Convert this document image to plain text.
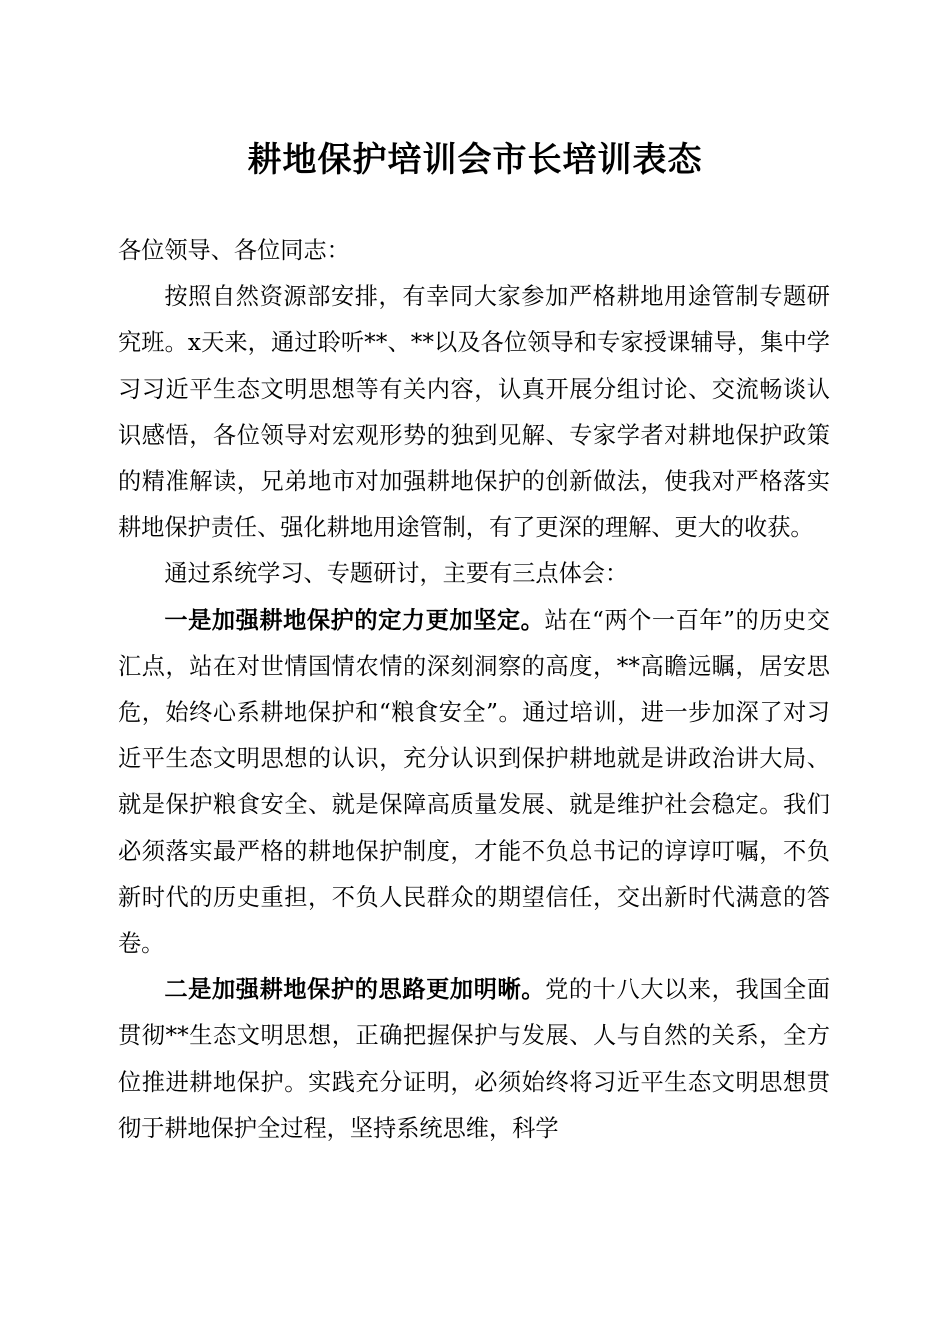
耕地保护培训会市长培训表态

各位领导、各位同志：

按照自然资源部安排，有幸同大家参加严格耕地用途管制专题研究班。x天来，通过聆听**、**以及各位领导和专家授课辅导，集中学习习近平生态文明思想等有关内容，认真开展分组讨论、交流畅谈认识感悟，各位领导对宏观形势的独到见解、专家学者对耕地保护政策的精准解读，兄弟地市对加强耕地保护的创新做法，使我对严格落实耕地保护责任、强化耕地用途管制，有了更深的理解、更大的收获。

通过系统学习、专题研讨，主要有三点体会：

一是加强耕地保护的定力更加坚定。站在“两个一百年”的历史交汇点，站在对世情国情农情的深刻洞察的高度，**高瞻远瞩，居安思危，始终心系耕地保护和“粮食安全”。通过培训，进一步加深了对习近平生态文明思想的认识，充分认识到保护耕地就是讲政治讲大局、就是保护粮食安全、就是保障高质量发展、就是维护社会稳定。我们必须落实最严格的耕地保护制度，才能不负总书记的谆谆叮嘱，不负新时代的历史重担，不负人民群众的期望信任，交出新时代满意的答卷。

二是加强耕地保护的思路更加明晰。党的十八大以来，我国全面贯彻**生态文明思想，正确把握保护与发展、人与自然的关系，全方位推进耕地保护。实践充分证明，必须始终将习近平生态文明思想贯彻于耕地保护全过程，坚持系统思维，科学
